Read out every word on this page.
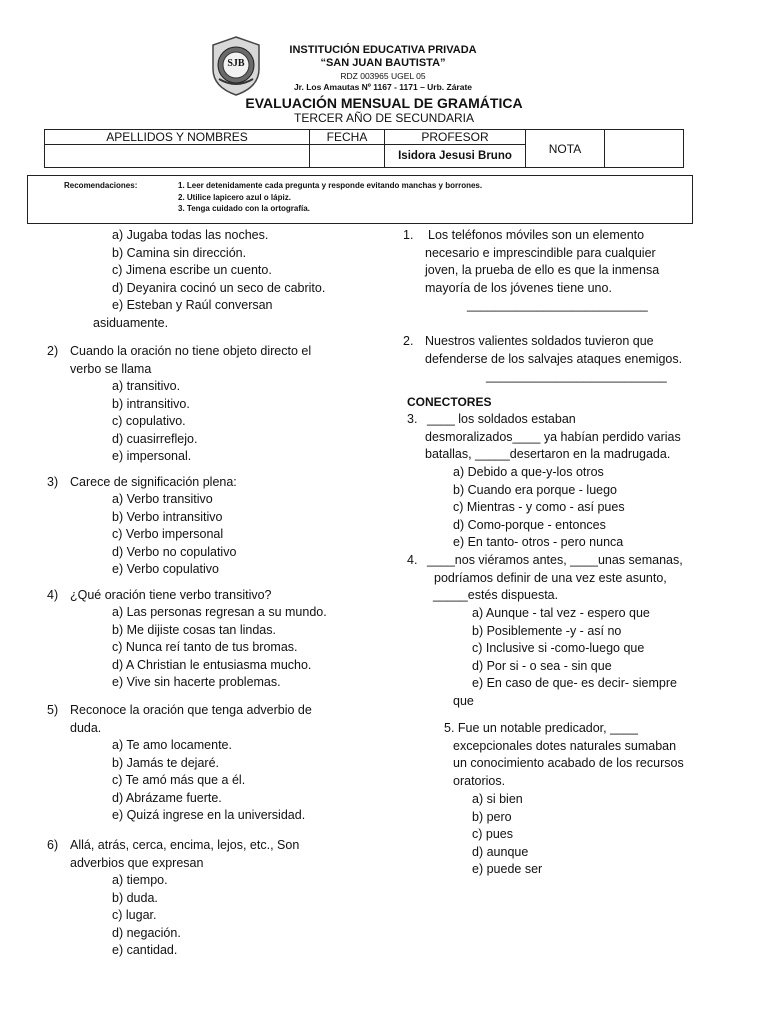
SJB
INSTITUCIÓN EDUCATIVA PRIVADA
“SAN JUAN BAUTISTA”
RDZ 003965 UGEL 05
Jr. Los Amautas Nº 1167 - 1171 – Urb. Zárate
EVALUACIÓN MENSUAL DE GRAMÁTICA
TERCER AÑO DE SECUNDARIA
APELLIDOS Y NOMBRES	FECHA	PROFESOR	NOTA	
		Isidora Jesusi Bruno		
Recomendaciones:	1. Leer detenidamente cada pregunta y responde evitando manchas y borrones.
2. Utilice lapicero azul o lápiz.
3. Tenga cuidado con la ortografía.
a) Jugaba todas las noches.
b) Camina sin dirección.
c) Jimena escribe un cuento.
d) Deyanira cocinó un seco de cabrito.
e) Esteban y Raúl conversan
asiduamente.
2) Cuando la oración no tiene objeto directo el
verbo se llama
a) transitivo.
b) intransitivo.
c) copulativo.
d) cuasirreflejo.
e) impersonal.
3) Carece de significación plena:
a) Verbo transitivo
b) Verbo intransitivo
c) Verbo impersonal
d) Verbo no copulativo
e) Verbo copulativo
4) ¿Qué oración tiene verbo transitivo?
a) Las personas regresan a su mundo.
b) Me dijiste cosas tan lindas.
c) Nunca reí tanto de tus bromas.
d) A Christian le entusiasma mucho.
e) Vive sin hacerte problemas.
5) Reconoce la oración que tenga adverbio de
duda.
a) Te amo locamente.
b) Jamás te dejaré.
c) Te amó más que a él.
d) Abrázame fuerte.
e) Quizá ingrese en la universidad.
6) Allá, atrás, cerca, encima, lejos, etc., Son
adverbios que expresan
a) tiempo.
b) duda.
c) lugar.
d) negación.
e) cantidad.
1. Los teléfonos móviles son un elemento
necesario e imprescindible para cualquier
joven, la prueba de ello es que la inmensa
mayoría de los jóvenes tiene uno.
__________________________
2. Nuestros valientes soldados tuvieron que
defenderse de los salvajes ataques enemigos.
__________________________
CONECTORES
3. ____ los soldados estaban
desmoralizados____ ya habían perdido varias
batallas, _____desertaron en la madrugada.
a) Debido a que-y-los otros
b) Cuando era porque - luego
c) Mientras - y como - así pues
d) Como-porque - entonces
e) En tanto- otros - pero nunca
4. ____nos viéramos antes, ____unas semanas,
podríamos definir de una vez este asunto,
_____estés dispuesta.
a) Aunque - tal vez - espero que
b) Posiblemente -y - así no
c) Inclusive si -como-luego que
d) Por si - o sea - sin que
e) En caso de que- es decir- siempre
que
5. Fue un notable predicador, ____
excepcionales dotes naturales sumaban
un conocimiento acabado de los recursos
oratorios.
a) si bien
b) pero
c) pues
d) aunque
e) puede ser
